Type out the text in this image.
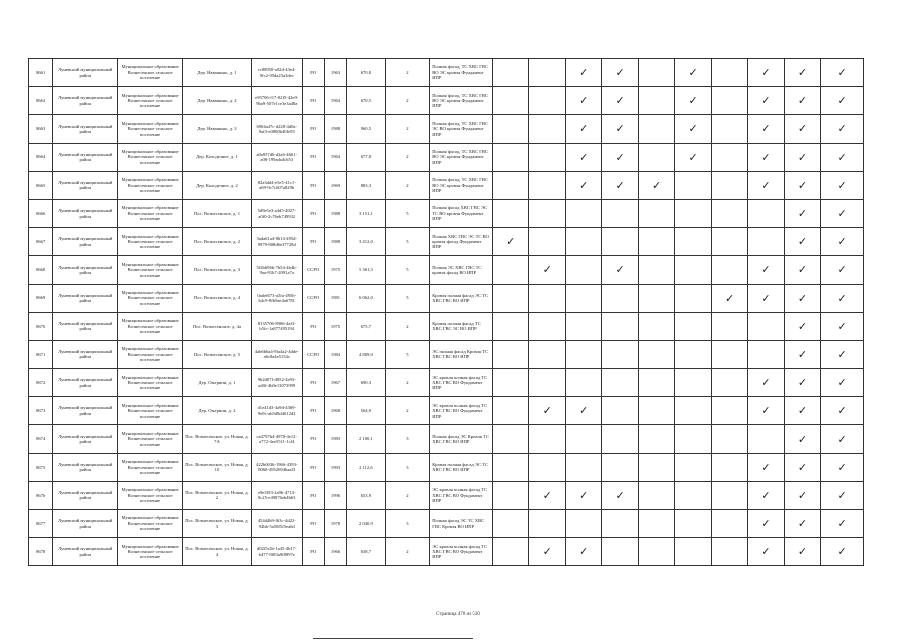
8661	Луневский муниципальный район	Муниципальное образование Вознесенское сельское поселение	Дер. Навашино, д. 1	cc88950-a02d-43e4-9fc2-05da23a3dec	PO	1963	670,8	2	Полная фасад, ТС ХВС ГВС ВО ЭС кровля Фундамент ИПР			✓	✓		✓		✓	✓	✓
8662	Луневский муниципальный район	Муниципальное образование Вознесенское сельское поселение	Дер. Навашино, д. 2	e95706-f17-02f5-42e9-9ba9-507e1ce3e3a48a	PO	1964	670,5	2	Полная фасад, ТС ХВС ГВС ВО ЭС кровля Фундамент ИПР			✓	✓		✓		✓	✓	✓
8663	Луневский муниципальный район	Муниципальное образование Вознесенское сельское поселение	Дер. Навашино, д. 3	6904a47c-d228-4d0a-9af3-e0800b40fe93	PO	1988	960,5	2	Полная фасад, ТС ХВС ГВС ЭС ВО кровля Фундамент ИПР			✓	✓		✓		✓	✓	✓
8664	Луневский муниципальный район	Муниципальное образование Вознесенское сельское поселение	Дер. Колодезное, д. 1	a0a957d6-d2a6-4661-a08-199ada4c653	PO	1964	677,8	2	Полная фасад, ТС ХВС ГВС ВО ЭС кровля Фундамент ИПР			✓	✓		✓		✓	✓	✓
8665	Луневский муниципальный район	Муниципальное образование Вознесенское сельское поселение	Дер. Колодезное, д. 2	82a3dd4-e5e5-41c1-a69-9c7c607a829b	PO	1969	883,3	2	Полная фасад, ТС ХВС ГВС ВО ЭС кровля Фундамент ИПР			✓	✓	✓			✓	✓	✓
8666	Луневский муниципальный район	Муниципальное образование Вознесенское сельское поселение	Пос. Вознесенское, д. 1	5d9e5e3-a4d5-4027-a0f0-2c76eb749932	PO	1988	3 151,1	5	Полная фасад ХВС ГВС ЭС ТС ВО кровля Фундамент ИПР									✓	✓
8667	Луневский муниципальный район	Муниципальное образование Вознесенское сельское поселение	Пос. Вознесенское, д. 2	3ada61a4-8614-495d-9979-808d6e37728d	PO	1988	3 412,0	5	Полная ХВС ГВС ЭС ТС ВО кровля фасад Фундамент ИПР	✓								✓	✓
8668	Луневский муниципальный район	Муниципальное образование Вознесенское сельское поселение	Пос. Вознесенское, д. 3	5f2b696b-7b54-4b4b-9aa-81b7-2091a7a	CCPO	1975	5 361,3	5	Полная ЭС ХВС ГВС ТС кровля фасад ВО ИПР		✓		✓				✓	✓	✓
8669	Луневский муниципальный район	Муниципальное образование Вознесенское сельское поселение	Пос. Вознесенское, д. 4	0adef673-a5fa-4956-b4c9-8fb9ae4a6781	CCPO	1981	6 062,0	5	Кровля полная фасад ЭС ТС ХВС ГВС ВО ИПР							✓	✓	✓	✓
8670	Луневский муниципальный район	Муниципальное образование Вознесенское сельское поселение	Пос. Вознесенское, д. 4а	8135706-8906-4af3-b5fc-1a877495194	PO	1975	675,7	2	Кровля полная фасад ТС ХВС ГВС ЭС ВО ИПР									✓	✓
8671	Луневский муниципальный район	Муниципальное образование Вознесенское сельское поселение	Пос. Вознесенское, д. 5	4ab6b6a4-9fa4a2-4dde-a6c8a4e5154c	CCPO	1984	4 809,0	5	ЭС полная фасад Кровля ТС ХВС ГВС ВО ИПР									✓	✓
8672	Луневский муниципальный район	Муниципальное образование Вознесенское сельское поселение	Дер. Ожгрипи, д. 1	9b2d07f-d052-4e93-ad0f-4b0e13073999	PO	1967	690,3	2	ЭС кровля полная фасад ТС ХВС ГВС ВО Фундамент ИПР								✓	✓	✓
8673	Луневский муниципальный район	Муниципальное образование Вознесенское сельское поселение	Дер. Ожгрипи, д. 2	d1e41d3-3a9d-4369-9e9c-ab5d8d4612d3	PO	1968	564,9	2	ЭС кровля полная фасад ТС ХВС ГВС ВО Фундамент ИПР		✓	✓					✓	✓	✓
8674	Луневский муниципальный район	Муниципальное образование Вознесенское сельское поселение	Пос. Вознесенское, ул. Новая, д. 7А	ca4797b4-4978-4e12-a772-4ee5511-1cl4	PO	1983	2 100,1	3	Полная фасад ЭС Кровля ТС ХВС ГВС ВО ИПР									✓	✓
8675	Луневский муниципальный район	Муниципальное образование Вознесенское сельское поселение	Пос. Вознесенское, ул. Новая, д. 10	422b0036-1966-4393-8068-4952694baaf3	PO	1993	2 112,6	3	Кровля полная фасад ЭС ТС ХВС ГВС ВО ИПР								✓	✓	✓
8676	Луневский муниципальный район	Муниципальное образование Вознесенское сельское поселение	Пос. Вознесенское, ул. Новая, д. 2	e9ef393-2a96-4713-9c25-e49876eb4b63	PO	1996	653,9	2	ЭС кровля полная фасад ТС ХВС ГВС ВО Фундамент ИПР		✓	✓	✓				✓	✓	✓
8677	Луневский муниципальный район	Муниципальное образование Вознесенское сельское поселение	Пос. Вознесенское, ул. Новая, д. 3	454d4b9-f63c-4d22-94bb-5a58f5f5ea6d	PO	1978	2 040,9	3	Полная фасад ЭС ТС ХВС ГВС Кровля ВО ИПР								✓	✓	✓
8678	Луневский муниципальный район	Муниципальное образование Вознесенское сельское поселение	Пос. Вознесенское, ул. Новая, д. 4	d02f5r2b-1a45-4b17-b477-8f83a9f8897e	PO	1966	638,7	2	ЭС кровля полная фасад ТС ХВС ГВС ВО Фундамент ИПР		✓	✓					✓	✓	✓
Страница 470 из 530
